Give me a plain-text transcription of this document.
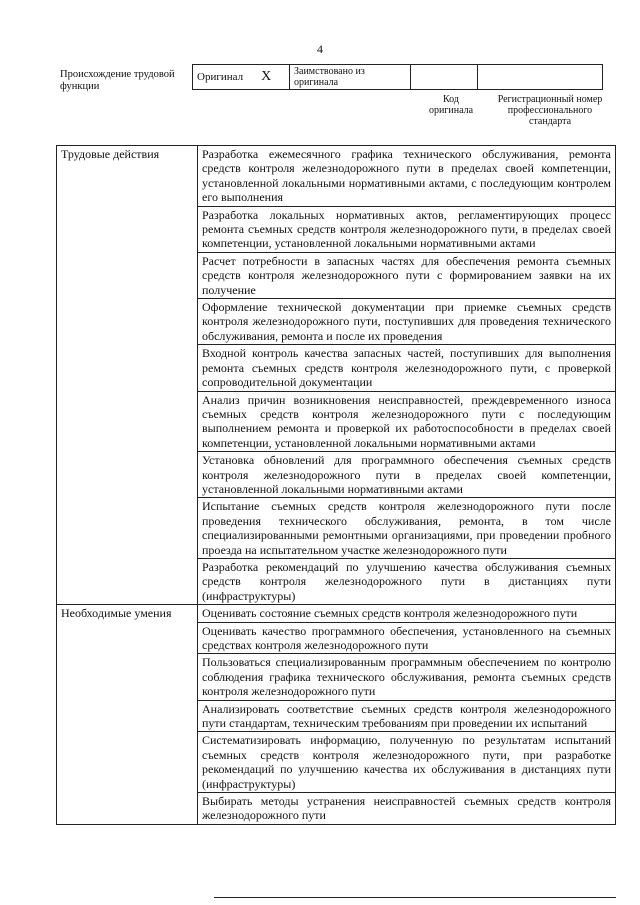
4
Происхождение трудовой функции
Оригинал X	Заимствовано из оригинала		
Код оригинала
Регистрационный номер профессионального стандарта
Трудовые действия	Разработка ежемесячного графика технического обслуживания, ремонта средств контроля железнодорожного пути в пределах своей компетенции, установленной локальными нормативными актами, с последующим контролем его выполнения
	Разработка локальных нормативных актов, регламентирующих процесс ремонта съемных средств контроля железнодорожного пути, в пределах своей компетенции, установленной локальными нормативными актами
	Расчет потребности в запасных частях для обеспечения ремонта съемных средств контроля железнодорожного пути с формированием заявки на их получение
	Оформление технической документации при приемке съемных средств контроля железнодорожного пути, поступивших для проведения технического обслуживания, ремонта и после их проведения
	Входной контроль качества запасных частей, поступивших для выполнения ремонта съемных средств контроля железнодорожного пути, с проверкой сопроводительной документации
	Анализ причин возникновения неисправностей, преждевременного износа съемных средств контроля железнодорожного пути с последующим выполнением ремонта и проверкой их работоспособности в пределах своей компетенции, установленной локальными нормативными актами
	Установка обновлений для программного обеспечения съемных средств контроля железнодорожного пути в пределах своей компетенции, установленной локальными нормативными актами
	Испытание съемных средств контроля железнодорожного пути после проведения технического обслуживания, ремонта, в том числе специализированными ремонтными организациями, при проведении пробного проезда на испытательном участке железнодорожного пути
	Разработка рекомендаций по улучшению качества обслуживания съемных средств контроля железнодорожного пути в дистанциях пути (инфраструктуры)
Необходимые умения	Оценивать состояние съемных средств контроля железнодорожного пути
	Оценивать качество программного обеспечения, установленного на съемных средствах контроля железнодорожного пути
	Пользоваться специализированным программным обеспечением по контролю соблюдения графика технического обслуживания, ремонта съемных средств контроля железнодорожного пути
	Анализировать соответствие съемных средств контроля железнодорожного пути стандартам, техническим требованиям при проведении их испытаний
	Систематизировать информацию, полученную по результатам испытаний съемных средств контроля железнодорожного пути, при разработке рекомендаций по улучшению качества их обслуживания в дистанциях пути (инфраструктуры)
	Выбирать методы устранения неисправностей съемных средств контроля железнодорожного пути
